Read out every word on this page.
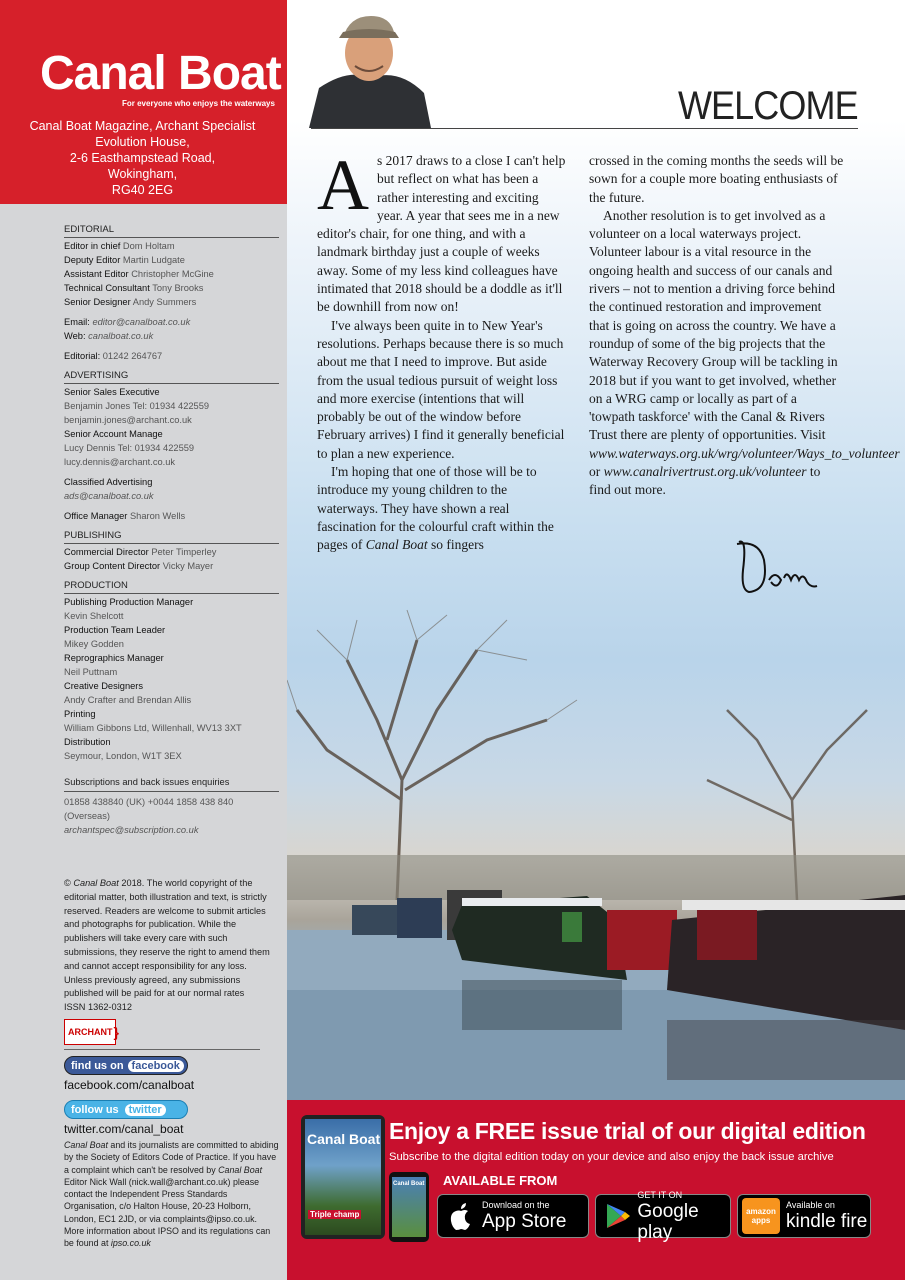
Canal Boat
For everyone who enjoys the waterways
Canal Boat Magazine, Archant Specialist
Evolution House,
2-6 Easthampstead Road,
Wokingham,
RG40 2EG
EDITORIAL
Editor in chief Dom Holtam
Deputy Editor Martin Ludgate
Assistant Editor Christopher McGine
Technical Consultant Tony Brooks
Senior Designer Andy Summers
Email: editor@canalboat.co.uk
Web: canalboat.co.uk
Editorial: 01242 264767
ADVERTISING
Senior Sales Executive
Benjamin Jones Tel: 01934 422559
benjamin.jones@archant.co.uk
Senior Account Manage
Lucy Dennis Tel: 01934 422559
lucy.dennis@archant.co.uk
Classified Advertising
ads@canalboat.co.uk
Office Manager Sharon Wells
PUBLISHING
Commercial Director Peter Timperley
Group Content Director Vicky Mayer
PRODUCTION
Publishing Production Manager
Kevin Shelcott
Production Team Leader
Mikey Godden
Reprographics Manager
Neil Puttnam
Creative Designers
Andy Crafter and Brendan Allis
Printing
William Gibbons Ltd, Willenhall, WV13 3XT
Distribution
Seymour, London, W1T 3EX
Subscriptions and back issues enquiries
01858 438840 (UK) +0044 1858 438 840 (Overseas)
archantspec@subscription.co.uk
© Canal Boat 2018. The world copyright of the editorial matter, both illustration and text, is strictly reserved. Readers are welcome to submit articles and photographs for publication. While the publishers will take every care with such submissions, they reserve the right to amend them and cannot accept responsibility for any loss. Unless previously agreed, any submissions published will be paid for at our normal rates
ISSN 1362-0312
ARCHANT }
find us on facebook
facebook.com/canalboat
follow us twitter
twitter.com/canal_boat
Canal Boat and its journalists are committed to abiding by the Society of Editors Code of Practice. If you have a complaint which can't be resolved by Canal Boat Editor Nick Wall (nick.wall@archant.co.uk) please contact the Independent Press Standards Organisation, c/o Halton House, 20-23 Holborn, London, EC1 2JD, or via complaints@ipso.co.uk. More information about IPSO and its regulations can be found at ipso.co.uk
WELCOME

As 2017 draws to a close I can't help but reflect on what has been a rather interesting and exciting year. A year that sees me in a new editor's chair, for one thing, and with a landmark birthday just a couple of weeks away. Some of my less kind colleagues have intimated that 2018 should be a doddle as it'll be downhill from now on!

I've always been quite in to New Year's resolutions. Perhaps because there is so much about me that I need to improve. But aside from the usual tedious pursuit of weight loss and more exercise (intentions that will probably be out of the window before February arrives) I find it generally beneficial to plan a new experience.

I'm hoping that one of those will be to introduce my young children to the waterways. They have shown a real fascination for the colourful craft within the pages of Canal Boat so fingers

crossed in the coming months the seeds will be sown for a couple more boating enthusiasts of the future.

Another resolution is to get involved as a volunteer on a local waterways project. Volunteer labour is a vital resource in the ongoing health and success of our canals and rivers – not to mention a driving force behind the continued restoration and improvement that is going on across the country. We have a roundup of some of the big projects that the Waterway Recovery Group will be tackling in 2018 but if you want to get involved, whether on a WRG camp or locally as part of a 'towpath taskforce' with the Canal & Rivers Trust there are plenty of opportunities. Visit www.waterways.org.uk/wrg/volunteer/Ways_to_volunteer or www.canalrivertrust.org.uk/volunteer to find out more.

Dom
Canal Boat
Triple champ
Canal Boat
Enjoy a FREE issue trial of our digital edition
Subscribe to the digital edition today on your device and also enjoy the back issue archive
AVAILABLE FROM
Download on the
App Store
GET IT ON
Google play
amazon
apps
Available on
kindle fire
